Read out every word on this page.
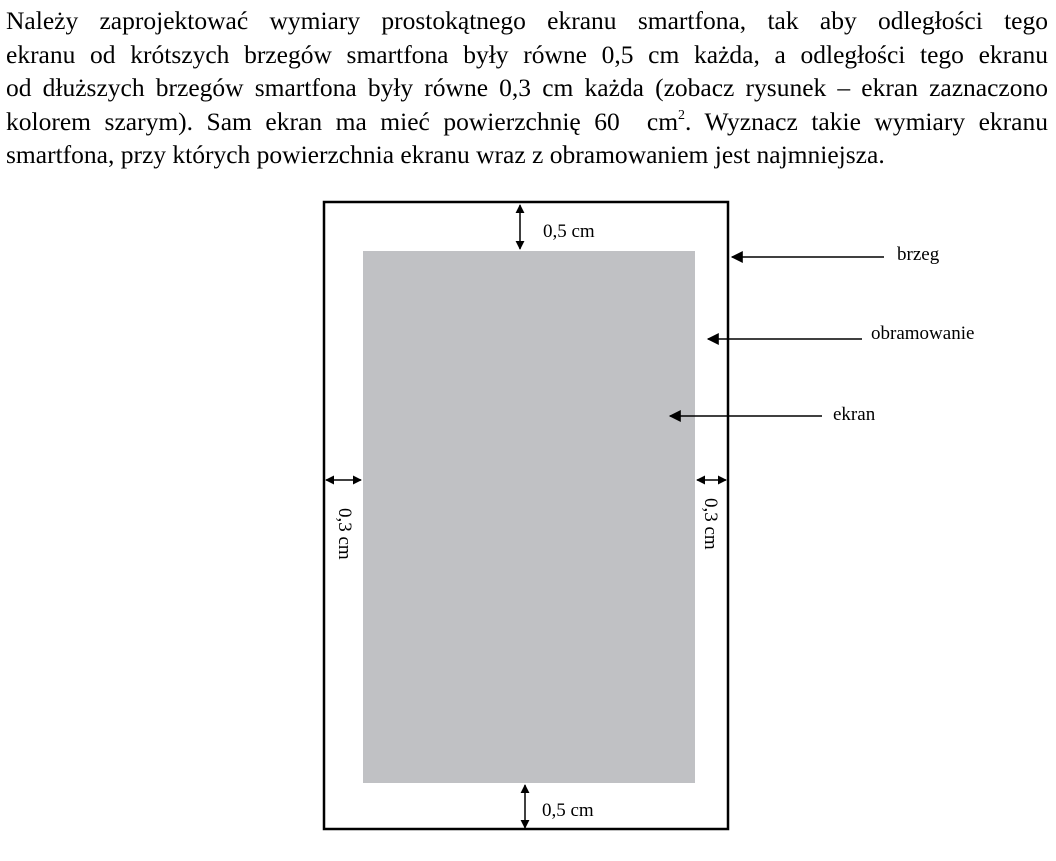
Należy zaprojektować wymiary prostokątnego ekranu smartfona, tak aby odległości tego
ekranu od krótszych brzegów smartfona były równe 0,5 cm każda, a odległości tego ekranu
od dłuższych brzegów smartfona były równe 0,3 cm każda (zobacz rysunek – ekran zaznaczono
kolorem szarym). Sam ekran ma mieć powierzchnię 60 $cm^2$. Wyznacz takie wymiary ekranu
smartfona, przy których powierzchnia ekranu wraz z obramowaniem jest najmniejsza.
0,5 cm
0,5 cm
0,3 cm	0,3 cm
brzeg
obramowanie
ekran
